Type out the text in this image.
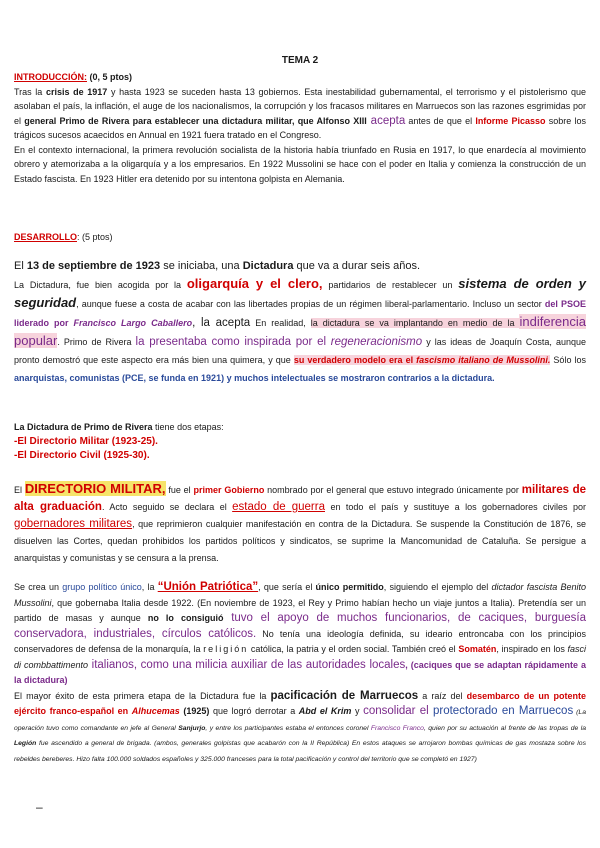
TEMA 2
INTRODUCCIÓN: (0, 5 ptos)

Tras la crisis de 1917 y hasta 1923 se suceden hasta 13 gobiernos. Esta inestabilidad gubernamental, el terrorismo y el pistolerismo que asolaban el país, la inflación, el auge de los nacionalismos, la corrupción y los fracasos militares en Marruecos son las razones esgrimidas por el general Primo de Rivera para establecer una dictadura militar, que Alfonso XIII acepta antes de que el Informe Picasso sobre los trágicos sucesos acaecidos en Annual en 1921 fuera tratado en el Congreso.

En el contexto internacional, la primera revolución socialista de la historia había triunfado en Rusia en 1917, lo que enardecía al movimiento obrero y atemorizaba a la oligarquía y a los empresarios. En 1922 Mussolini se hace con el poder en Italia y comienza la construcción de un Estado fascista. En 1923 Hitler era detenido por su intentona golpista en Alemania.

DESARROLLO: (5 ptos)

El 13 de septiembre de 1923 se iniciaba, una Dictadura que va a durar seis años.

La Dictadura, fue bien acogida por la oligarquía y el clero, partidarios de restablecer un sistema de orden y seguridad, aunque fuese a costa de acabar con las libertades propias de un régimen liberal-parlamentario. Incluso un sector del PSOE liderado por Francisco Largo Caballero, la acepta En realidad, la dictadura se va implantando en medio de la indiferencia popular. Primo de Rivera la presentaba como inspirada por el regeneracionismo y las ideas de Joaquín Costa, aunque pronto demostró que este aspecto era más bien una quimera, y que su verdadero modelo era el fascismo italiano de Mussolini. Sólo los anarquistas, comunistas (PCE, se funda en 1921) y muchos intelectuales se mostraron contrarios a la dictadura.

La Dictadura de Primo de Rivera tiene dos etapas:
-El Directorio Militar (1923-25).
-El Directorio Civil (1925-30).
El DIRECTORIO MILITAR, fue el primer Gobierno nombrado por el general que estuvo integrado únicamente por militares de alta graduación. Acto seguido se declara el estado de guerra en todo el país y sustituye a los gobernadores civiles por gobernadores militares, que reprimieron cualquier manifestación en contra de la Dictadura. Se suspende la Constitución de 1876, se disuelven las Cortes, quedan prohibidos los partidos políticos y sindicatos, se suprime la Mancomunidad de Cataluña. Se persigue a anarquistas y comunistas y se censura a la prensa.
Se crea un grupo político único, la “Unión Patriótica”, que sería el único permitido, siguiendo el ejemplo del dictador fascista Benito Mussolini, que gobernaba Italia desde 1922. (En noviembre de 1923, el Rey y Primo habían hecho un viaje juntos a Italia). Pretendía ser un partido de masas y aunque no lo consiguió tuvo el apoyo de muchos funcionarios, de caciques, burguesía conservadora, industriales, círculos católicos. No tenía una ideología definida, su ideario entroncaba con los principios conservadores de defensa de la monarquía, la religión católica, la patria y el orden social. También creó el Somatén, inspirado en los fasci di combbattimento italianos, como una milicia auxiliar de las autoridades locales, (caciques que se adaptan rápidamente a la dictadura)
El mayor éxito de esta primera etapa de la Dictadura fue la pacificación de Marruecos a raíz del desembarco de un potente ejército franco-español en Alhucemas (1925) que logró derrotar a Abd el Krim y consolidar el protectorado en Marruecos (La operación tuvo como comandante en jefe al General Sanjurjo, y entre los participantes estaba el entonces coronel Francisco Franco, quien por su actuación al frente de las tropas de la Legión fue ascendido a general de brigada. (ambos, generales golpistas que acabarón con la II República) En estos ataques se arrojaron bombas químicas de gas mostaza sobre los rebeldes bereberes. Hizo falta 100.000 soldados españoles y 325.000 franceses para la total pacificación y control del territorio que se completó en 1927)
–
